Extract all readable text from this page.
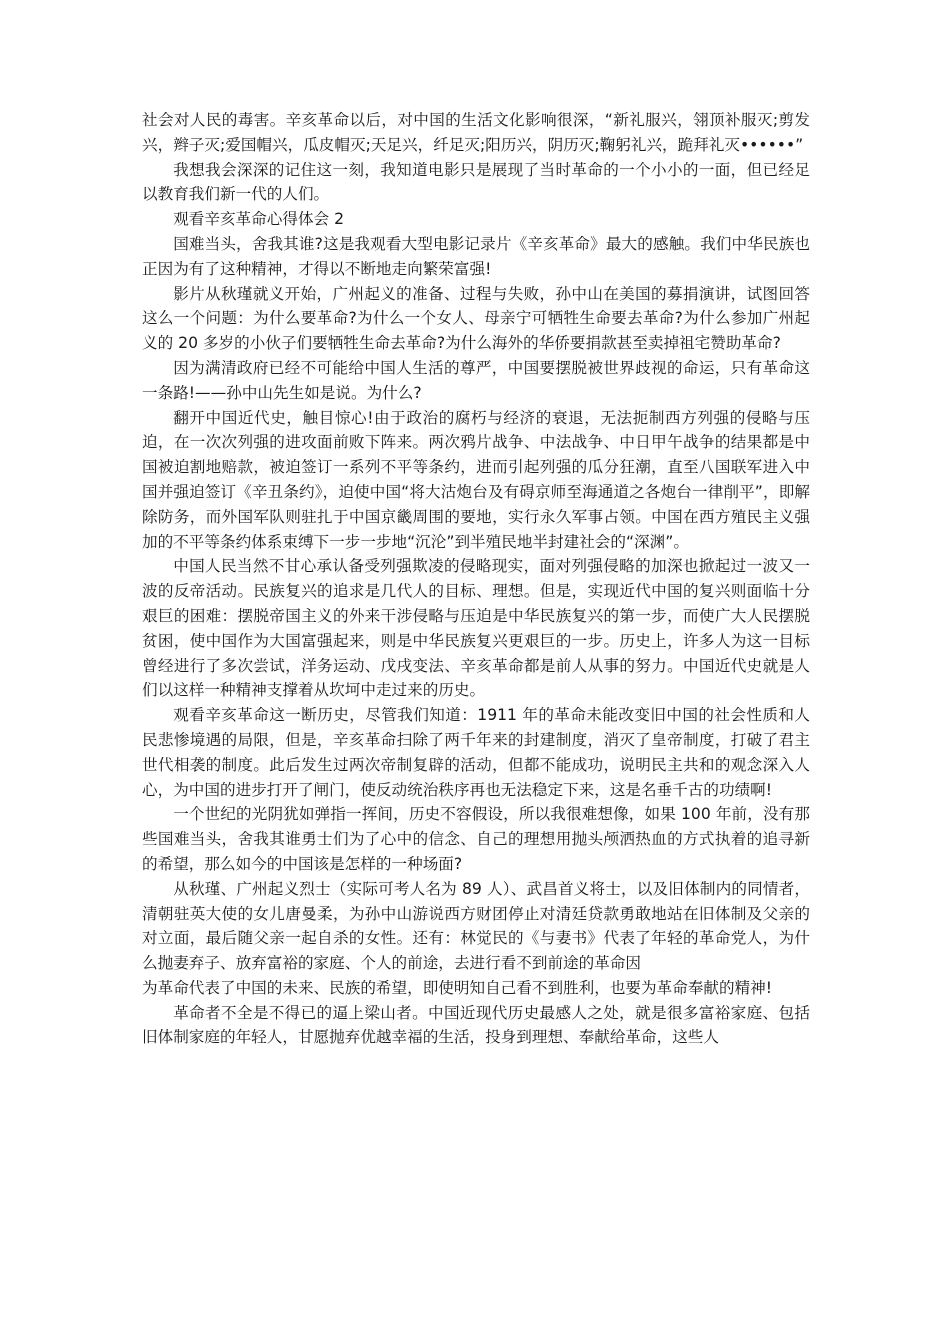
社会对人民的毒害。辛亥革命以后，对中国的生活文化影响很深，“新礼服兴，翎顶补服灭;剪发兴，辫子灭;爱国帽兴，瓜皮帽灭;天足兴，纤足灭;阳历兴，阴历灭;鞠躬礼兴，跪拜礼灭••••••”

我想我会深深的记住这一刻，我知道电影只是展现了当时革命的一个小小的一面，但已经足以教育我们新一代的人们。

观看辛亥革命心得体会 2

国难当头，舍我其谁?这是我观看大型电影记录片《辛亥革命》最大的感触。我们中华民族也正因为有了这种精神，才得以不断地走向繁荣富强!

影片从秋瑾就义开始，广州起义的准备、过程与失败，孙中山在美国的募捐演讲，试图回答这么一个问题：为什么要革命?为什么一个女人、母亲宁可牺牲生命要去革命?为什么参加广州起义的 20 多岁的小伙子们要牺牲生命去革命?为什么海外的华侨要捐款甚至卖掉祖宅赞助革命?

因为满清政府已经不可能给中国人生活的尊严，中国要摆脱被世界歧视的命运，只有革命这一条路!——孙中山先生如是说。为什么?

翻开中国近代史，触目惊心!由于政治的腐朽与经济的衰退，无法扼制西方列强的侵略与压迫，在一次次列强的进攻面前败下阵来。两次鸦片战争、中法战争、中日甲午战争的结果都是中国被迫割地赔款，被迫签订一系列不平等条约，进而引起列强的瓜分狂潮，直至八国联军进入中国并强迫签订《辛丑条约》，迫使中国“将大沽炮台及有碍京师至海通道之各炮台一律削平”，即解除防务，而外国军队则驻扎于中国京畿周围的要地，实行永久军事占领。中国在西方殖民主义强加的不平等条约体系束缚下一步一步地“沉沦”到半殖民地半封建社会的“深渊”。

中国人民当然不甘心承认备受列强欺凌的侵略现实，面对列强侵略的加深也掀起过一波又一波的反帝活动。民族复兴的追求是几代人的目标、理想。但是，实现近代中国的复兴则面临十分艰巨的困难：摆脱帝国主义的外来干涉侵略与压迫是中华民族复兴的第一步，而使广大人民摆脱贫困，使中国作为大国富强起来，则是中华民族复兴更艰巨的一步。历史上，许多人为这一目标曾经进行了多次尝试，洋务运动、戊戌变法、辛亥革命都是前人从事的努力。中国近代史就是人们以这样一种精神支撑着从坎坷中走过来的历史。

观看辛亥革命这一断历史，尽管我们知道：1911 年的革命未能改变旧中国的社会性质和人民悲惨境遇的局限，但是，辛亥革命扫除了两千年来的封建制度，消灭了皇帝制度，打破了君主世代相袭的制度。此后发生过两次帝制复辟的活动，但都不能成功，说明民主共和的观念深入人心，为中国的进步打开了闸门，使反动统治秩序再也无法稳定下来，这是名垂千古的功绩啊!

一个世纪的光阴犹如弹指一挥间，历史不容假设，所以我很难想像，如果 100 年前，没有那些国难当头，舍我其谁勇士们为了心中的信念、自己的理想用抛头颅洒热血的方式执着的追寻新的希望，那么如今的中国该是怎样的一种场面?

从秋瑾、广州起义烈士（实际可考人名为 89 人）、武昌首义将士，以及旧体制内的同情者，清朝驻英大使的女儿唐曼柔，为孙中山游说西方财团停止对清廷贷款勇敢地站在旧体制及父亲的对立面，最后随父亲一起自杀的女性。还有：林觉民的《与妻书》代表了年轻的革命党人，为什么抛妻弃子、放弃富裕的家庭、个人的前途，去进行看不到前途的革命因

为革命代表了中国的未来、民族的希望，即使明知自己看不到胜利，也要为革命奉献的精神!

革命者不全是不得已的逼上梁山者。中国近现代历史最感人之处，就是很多富裕家庭、包括旧体制家庭的年轻人，甘愿抛弃优越幸福的生活，投身到理想、奉献给革命，这些人
